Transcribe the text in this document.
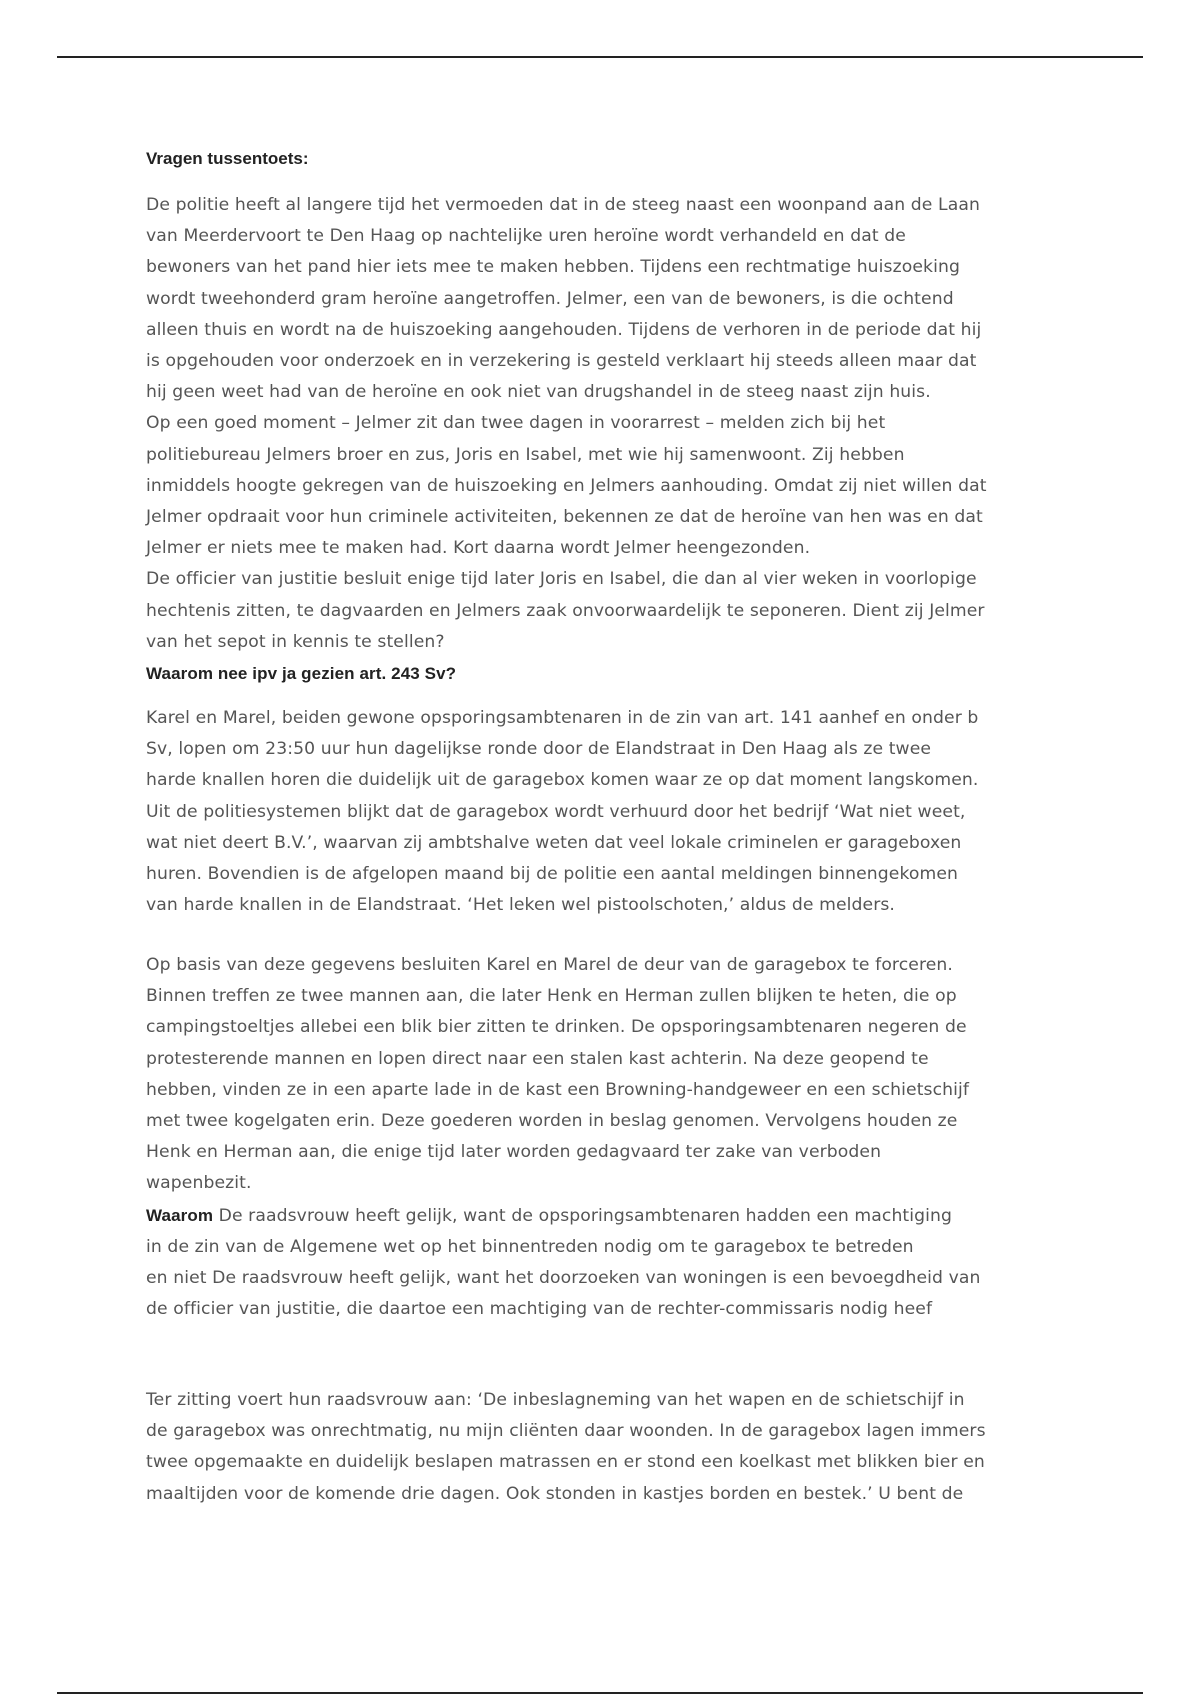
Vragen tussentoets:
De politie heeft al langere tijd het vermoeden dat in de steeg naast een woonpand aan de Laan
van Meerdervoort te Den Haag op nachtelijke uren heroïne wordt verhandeld en dat de
bewoners van het pand hier iets mee te maken hebben. Tijdens een rechtmatige huiszoeking
wordt tweehonderd gram heroïne aangetroffen. Jelmer, een van de bewoners, is die ochtend
alleen thuis en wordt na de huiszoeking aangehouden. Tijdens de verhoren in de periode dat hij
is opgehouden voor onderzoek en in verzekering is gesteld verklaart hij steeds alleen maar dat
hij geen weet had van de heroïne en ook niet van drugshandel in de steeg naast zijn huis.
Op een goed moment – Jelmer zit dan twee dagen in voorarrest – melden zich bij het
politiebureau Jelmers broer en zus, Joris en Isabel, met wie hij samenwoont. Zij hebben
inmiddels hoogte gekregen van de huiszoeking en Jelmers aanhouding. Omdat zij niet willen dat
Jelmer opdraait voor hun criminele activiteiten, bekennen ze dat de heroïne van hen was en dat
Jelmer er niets mee te maken had. Kort daarna wordt Jelmer heengezonden.
De officier van justitie besluit enige tijd later Joris en Isabel, die dan al vier weken in voorlopige
hechtenis zitten, te dagvaarden en Jelmers zaak onvoorwaardelijk te seponeren. Dient zij Jelmer
van het sepot in kennis te stellen?
Waarom nee ipv ja gezien art. 243 Sv?
Karel en Marel, beiden gewone opsporingsambtenaren in de zin van art. 141 aanhef en onder b
Sv, lopen om 23:50 uur hun dagelijkse ronde door de Elandstraat in Den Haag als ze twee
harde knallen horen die duidelijk uit de garagebox komen waar ze op dat moment langskomen.
Uit de politiesystemen blijkt dat de garagebox wordt verhuurd door het bedrijf ‘Wat niet weet,
wat niet deert B.V.’, waarvan zij ambtshalve weten dat veel lokale criminelen er garageboxen
huren. Bovendien is de afgelopen maand bij de politie een aantal meldingen binnengekomen
van harde knallen in de Elandstraat. ‘Het leken wel pistoolschoten,’ aldus de melders.
Op basis van deze gegevens besluiten Karel en Marel de deur van de garagebox te forceren.
Binnen treffen ze twee mannen aan, die later Henk en Herman zullen blijken te heten, die op
campingstoeltjes allebei een blik bier zitten te drinken. De opsporingsambtenaren negeren de
protesterende mannen en lopen direct naar een stalen kast achterin. Na deze geopend te
hebben, vinden ze in een aparte lade in de kast een Browning-handgeweer en een schietschijf
met twee kogelgaten erin. Deze goederen worden in beslag genomen. Vervolgens houden ze
Henk en Herman aan, die enige tijd later worden gedagvaard ter zake van verboden
wapenbezit.
Waarom De raadsvrouw heeft gelijk, want de opsporingsambtenaren hadden een machtiging
in de zin van de Algemene wet op het binnentreden nodig om te garagebox te betreden
en niet De raadsvrouw heeft gelijk, want het doorzoeken van woningen is een bevoegdheid van
de officier van justitie, die daartoe een machtiging van de rechter-commissaris nodig heef
Ter zitting voert hun raadsvrouw aan: ‘De inbeslagneming van het wapen en de schietschijf in
de garagebox was onrechtmatig, nu mijn cliënten daar woonden. In de garagebox lagen immers
twee opgemaakte en duidelijk beslapen matrassen en er stond een koelkast met blikken bier en
maaltijden voor de komende drie dagen. Ook stonden in kastjes borden en bestek.’ U bent de
